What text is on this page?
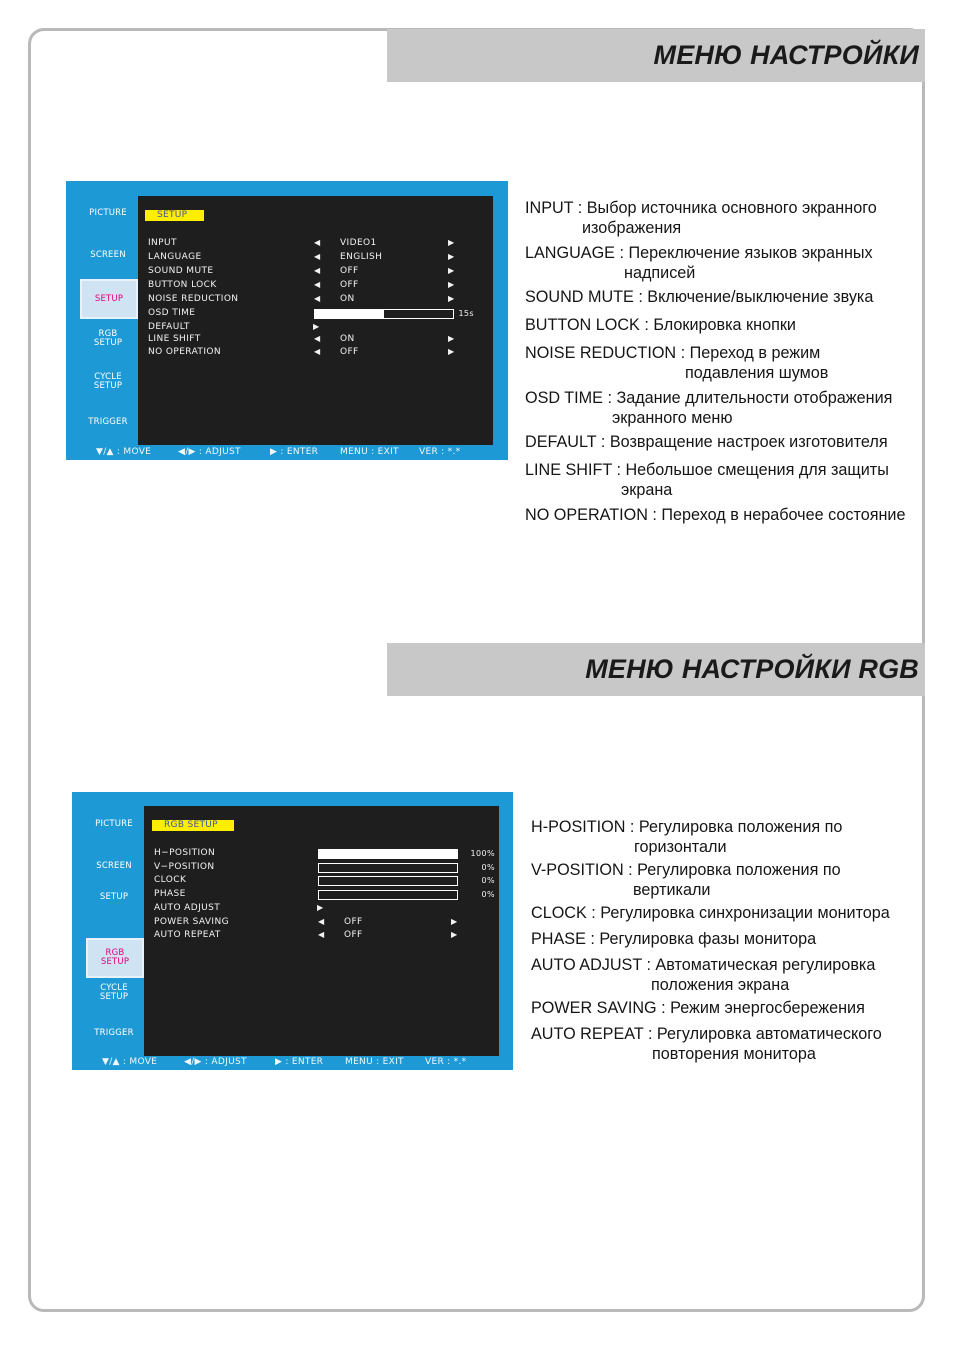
МЕНЮ НАСТРОЙКИ
SETUP
INPUT	◀ VIDEO1	▶
LANGUAGE	◀ ENGLISH	▶
SOUND MUTE	◀ OFF	▶
BUTTON LOCK	◀ OFF	▶
NOISE REDUCTION	◀ ON	▶
OSD TIME	15s
DEFAULT	▶
LINE SHIFT	◀ ON	▶
NO OPERATION	◀ OFF	▶
▼/▲ : MOVE	◀/▶ : ADJUST	▶ : ENTER MENU : EXIT VER : *.*
PICTURE
SCREEN
SETUP
RGB SETUP
CYCLE SETUP
TRIGGER
INPUT : Выбор источника основного экранного
изображения
LANGUAGE : Переключение языков экранных
надписей
SOUND MUTE : Включение/выключение звука
BUTTON LOCK : Блокировка кнопки
NOISE REDUCTION : Переход в режим
подавления шумов
OSD TIME : Задание длительности отображения
экранного меню
DEFAULT : Возвращение настроек изготовителя
LINE SHIFT : Небольшое смещения для защиты
экрана
NO OPERATION : Переход в нерабочее состояние
МЕНЮ НАСТРОЙКИ RGB
RGB SETUP
H−POSITION	100%
V−POSITION	0%
CLOCK	0%
PHASE	0%
AUTO ADJUST	▶
POWER SAVING	◀ OFF	▶
AUTO REPEAT	◀ OFF	▶
▼/▲ : MOVE	◀/▶ : ADJUST	▶ : ENTER MENU : EXIT VER : *.*
PICTURE
SCREEN
SETUP
RGB SETUP
CYCLE SETUP
TRIGGER
H-POSITION : Регулировка положения по
горизонтали
V-POSITION : Регулировка положения по
вертикали
CLOCK : Регулировка синхронизации монитора
PHASE : Регулировка фазы монитора
AUTO ADJUST : Автоматическая регулировка
положения экрана
POWER SAVING : Режим энергосбережения
AUTO REPEAT : Регулировка автоматического
повторения монитора
